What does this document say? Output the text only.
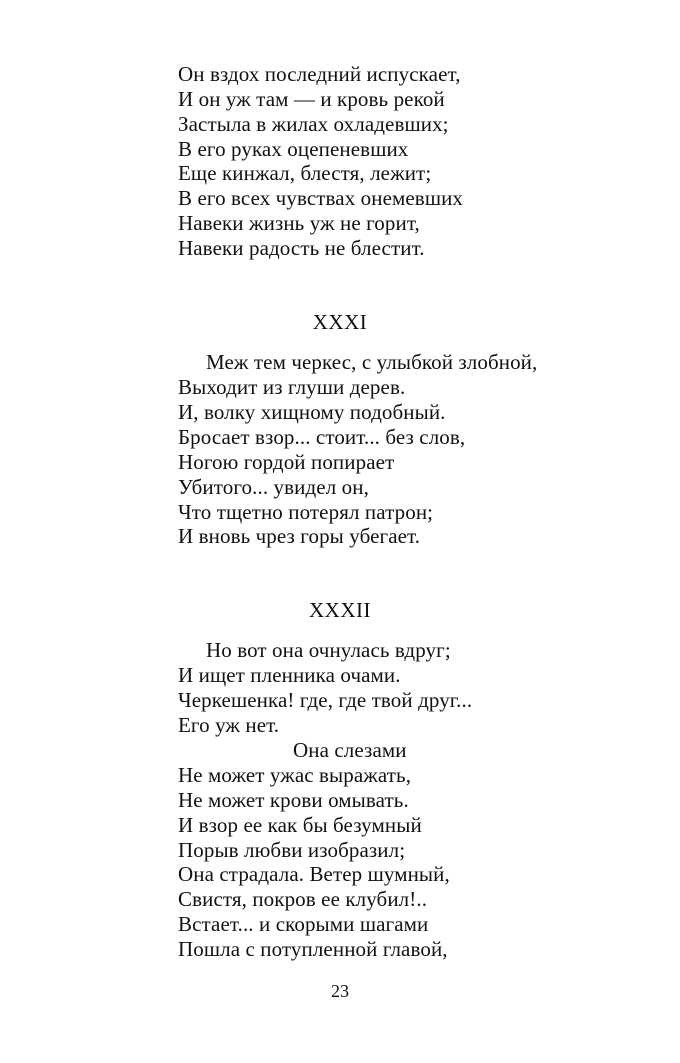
Он вздох последний испускает,
И он уж там — и кровь рекой
Застыла в жилах охладевших;
В его руках оцепеневших
Еще кинжал, блестя, лежит;
В его всех чувствах онемевших
Навеки жизнь уж не горит,
Навеки радость не блестит.
XXXI
Меж тем черкес, с улыбкой злобной,
Выходит из глуши дерев.
И, волку хищному подобный.
Бросает взор... стоит... без слов,
Ногою гордой попирает
Убитого... увидел он,
Что тщетно потерял патрон;
И вновь чрез горы убегает.
XXXII
Но вот она очнулась вдруг;
И ищет пленника очами.
Черкешенка! где, где твой друг...
Его уж нет.
Она слезами
Не может ужас выражать,
Не может крови омывать.
И взор ее как бы безумный
Порыв любви изобразил;
Она страдала. Ветер шумный,
Свистя, покров ее клубил!..
Встает... и скорыми шагами
Пошла с потупленной главой,
23
